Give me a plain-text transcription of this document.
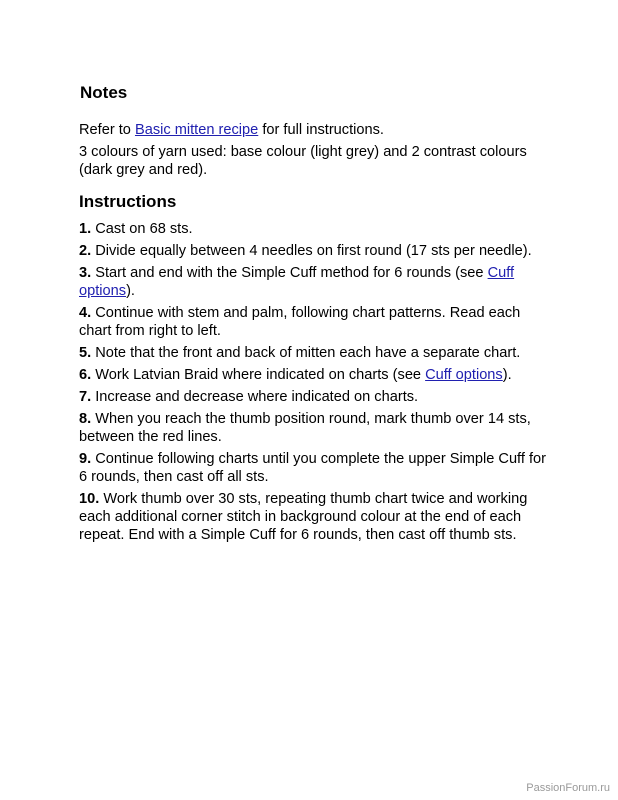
Notes

Refer to Basic mitten recipe for full instructions.

3 colours of yarn used: base colour (light grey) and 2 contrast colours (dark grey and red).

Instructions
1. Cast on 68 sts.
2. Divide equally between 4 needles on first round (17 sts per needle).
3. Start and end with the Simple Cuff method for 6 rounds (see Cuff options).
4. Continue with stem and palm, following chart patterns. Read each chart from right to left.
5. Note that the front and back of mitten each have a separate chart.
6. Work Latvian Braid where indicated on charts (see Cuff options).
7. Increase and decrease where indicated on charts.
8. When you reach the thumb position round, mark thumb over 14 sts, between the red lines.
9. Continue following charts until you complete the upper Simple Cuff for 6 rounds, then cast off all sts.
10. Work thumb over 30 sts, repeating thumb chart twice and working each additional corner stitch in background colour at the end of each repeat. End with a Simple Cuff for 6 rounds, then cast off thumb sts.
PassionForum.ru
